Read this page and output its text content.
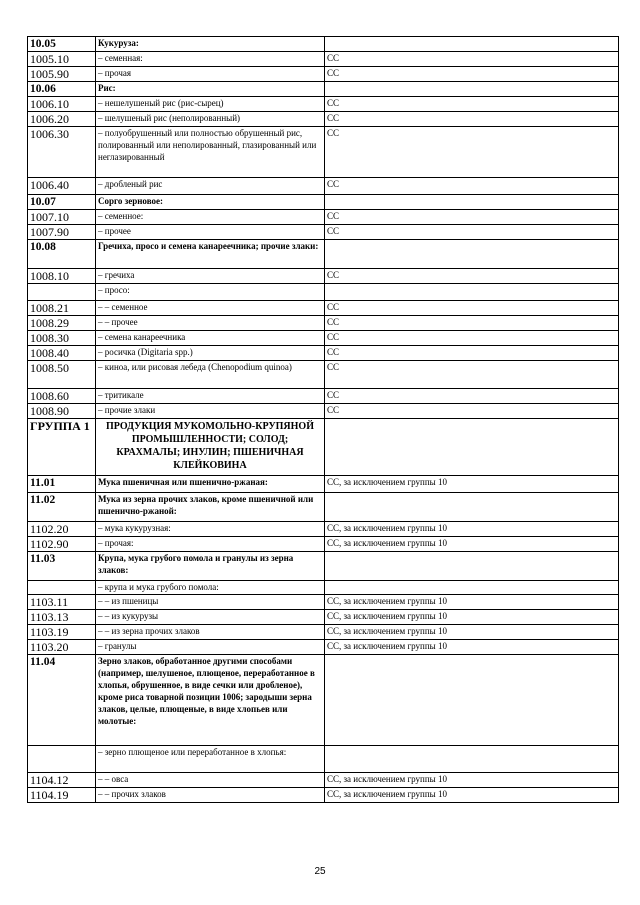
10.05	Кукуруза:	
1005.10	– семенная:	СС
1005.90	– прочая	СС
10.06	Рис:	
1006.10	– нешелушеный рис (рис-сырец)	СС
1006.20	– шелушеный рис (неполированный)	СС
1006.30	– полуобрушенный или полностью обрушенный рис, полированный или неполированный, глазированный или неглазированный	СС
1006.40	– дробленый рис	СС
10.07	Сорго зерновое:	
1007.10	– семенное:	СС
1007.90	– прочее	СС
10.08	Гречиха, просо и семена канареечника; прочие злаки:	
1008.10	– гречиха	СС
	– просо:	
1008.21	– – семенное	СС
1008.29	– – прочее	СС
1008.30	– семена канареечника	СС
1008.40	– росичка (Digitaria spp.)	СС
1008.50	– киноа, или рисовая лебеда (Chenopodium quinoa)	СС
1008.60	– тритикале	СС
1008.90	– прочие злаки	СС
ГРУППА 1	ПРОДУКЦИЯ МУКОМОЛЬНО-КРУПЯНОЙ ПРОМЫШЛЕННОСТИ; СОЛОД; КРАХМАЛЫ; ИНУЛИН; ПШЕНИЧНАЯ КЛЕЙКОВИНА	
11.01	Мука пшеничная или пшенично-ржаная:	СС, за исключением группы 10
11.02	Мука из зерна прочих злаков, кроме пшеничной или пшенично-ржаной:	
1102.20	– мука кукурузная:	СС, за исключением группы 10
1102.90	– прочая:	СС, за исключением группы 10
11.03	Крупа, мука грубого помола и гранулы из зерна злаков:	
	– крупа и мука грубого помола:	
1103.11	– – из пшеницы	СС, за исключением группы 10
1103.13	– – из кукурузы	СС, за исключением группы 10
1103.19	– – из зерна прочих злаков	СС, за исключением группы 10
1103.20	– гранулы	СС, за исключением группы 10
11.04	Зерно злаков, обработанное другими способами (например, шелушеное, плющеное, переработанное в хлопья, обрушенное, в виде сечки или дробленое), кроме риса товарной позиции 1006; зародыши зерна злаков, целые, плющеные, в виде хлопьев или молотые:	
	– зерно плющеное или переработанное в хлопья:	
1104.12	– – овса	СС, за исключением группы 10
1104.19	– – прочих злаков	СС, за исключением группы 10
25
